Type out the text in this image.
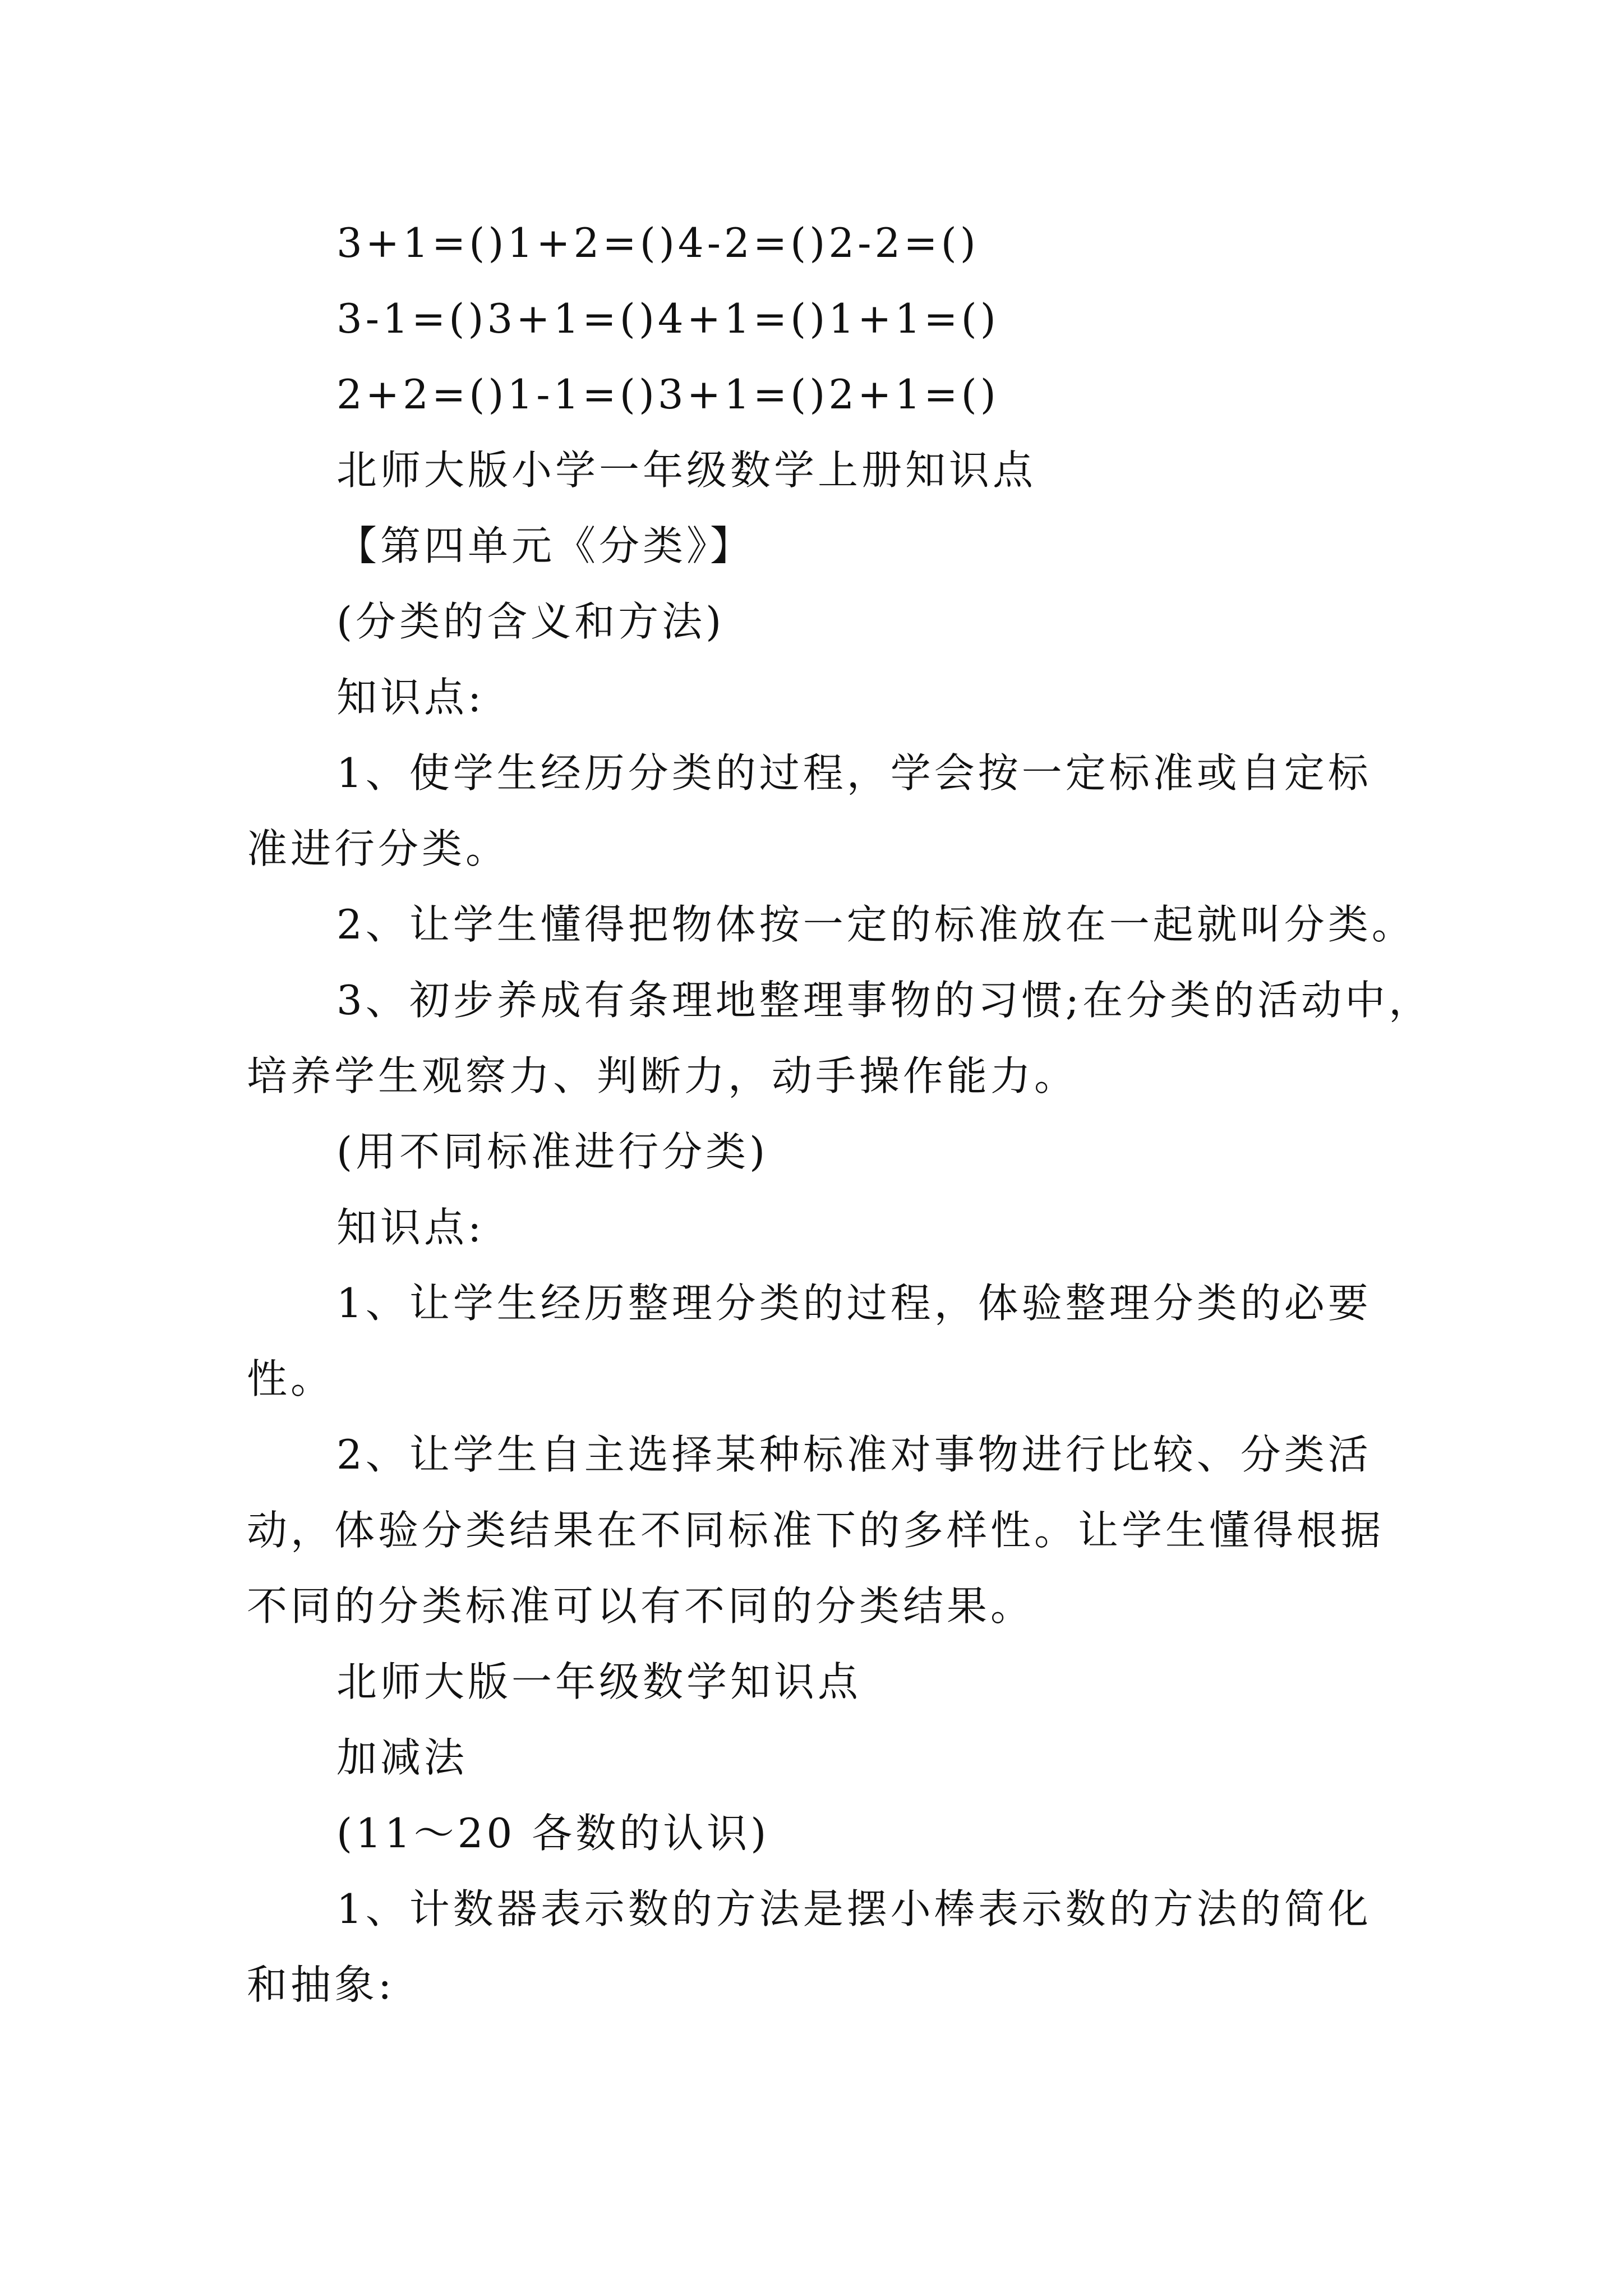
3+1=()1+2=()4-2=()2-2=()
3-1=()3+1=()4+1=()1+1=()
2+2=()1-1=()3+1=()2+1=()
北师大版小学一年级数学上册知识点
【第四单元《分类》】
(分类的含义和方法)
知识点:
1、使学生经历分类的过程，学会按一定标准或自定标
准进行分类。
2、让学生懂得把物体按一定的标准放在一起就叫分类。
3、初步养成有条理地整理事物的习惯;在分类的活动中，
培养学生观察力、判断力，动手操作能力。
(用不同标准进行分类)
知识点:
1、让学生经历整理分类的过程，体验整理分类的必要
性。
2、让学生自主选择某种标准对事物进行比较、分类活
动，体验分类结果在不同标准下的多样性。让学生懂得根据
不同的分类标准可以有不同的分类结果。
北师大版一年级数学知识点
加减法
(11～20 各数的认识)
1、计数器表示数的方法是摆小棒表示数的方法的简化
和抽象:
